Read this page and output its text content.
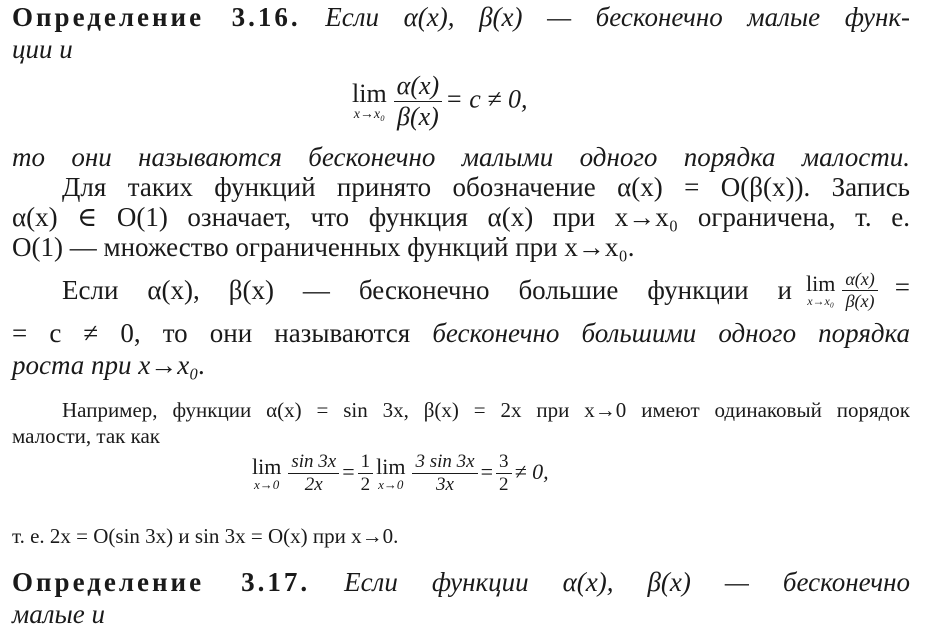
Определение 3.16. Если α(x), β(x) — бесконечно малые функ-
ции и
lim
$x\to x_0 \frac{\alpha(x)}{\beta(x)} = c \ne 0$,
то они называются бесконечно малыми одного порядка малости.
Для таких функций принято обозначение α(x) = O(β(x)). Запись
α(x) ∈ O(1) означает, что функция α(x) при x→x₀ ограничена, т. е.
O(1) — множество ограниченных функций при x→x₀.
Если α(x), β(x) — бесконечно большие функции и lim
$x\to x_0 \frac{\alpha(x)}{\beta(x)}$ =
= c ≠ 0, то они называются бесконечно большими одного порядка
роста при x→x₀.
Например, функции α(x) = sin 3x, β(x) = 2x при x→0 имеют одинаковый порядок
малости, так как
lim
$x\to 0 \frac{\sin 3x}{2x} = \frac{1}{2}$ lim
$x\to 0 \frac{3 \sin 3x}{3x} = \frac{3}{2} \ne 0$,
т. е. 2x = O(sin 3x) и sin 3x = O(x) при x→0.
Определение 3.17. Если функции α(x), β(x) — бесконечно
малые и
